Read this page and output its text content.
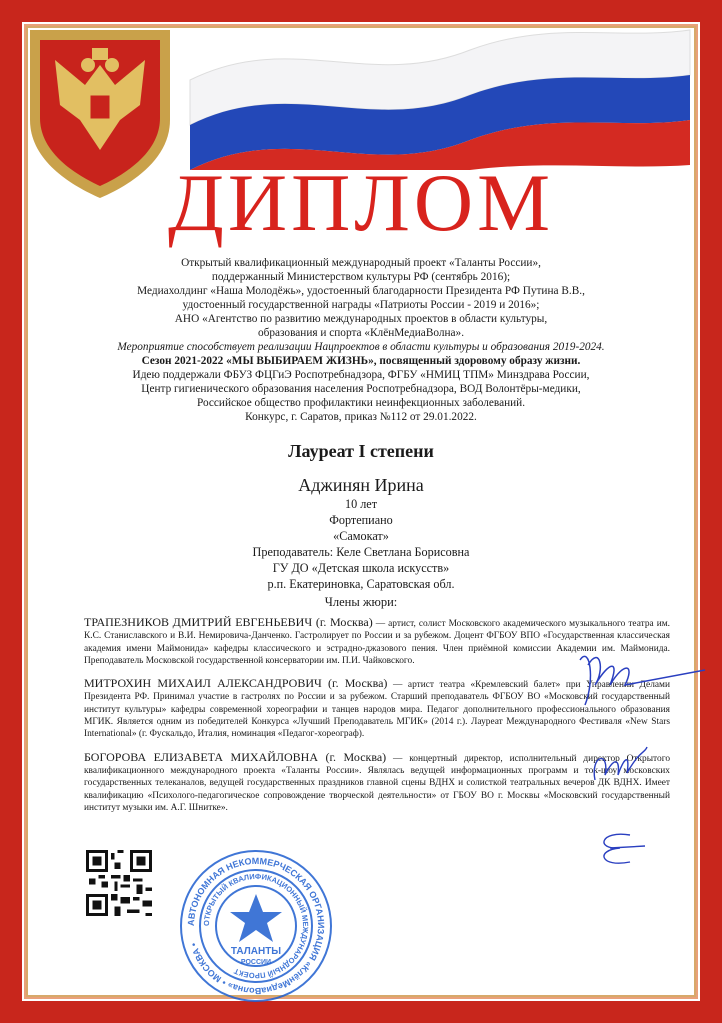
ДИПЛОМ
Открытый квалификационный международный проект «Таланты России»,
поддержанный Министерством культуры РФ (сентябрь 2016);
Медиахолдинг «Наша Молодёжь», удостоенный благодарности Президента РФ Путина В.В.,
удостоенный государственной награды «Патриоты России - 2019 и 2016»;
АНО «Агентство по развитию международных проектов в области культуры,
образования и спорта «КлёнМедиаВолна».
Мероприятие способствует реализации Нацпроектов в области культуры и образования 2019-2024.
Сезон 2021-2022 «МЫ ВЫБИРАЕМ ЖИЗНЬ», посвященный здоровому образу жизни.
Идею поддержали ФБУЗ ФЦГиЭ Роспотребнадзора, ФГБУ «НМИЦ ТПМ» Минздрава России,
Центр гигиенического образования населения Роспотребнадзора, ВОД Волонтёры-медики,
Российское общество профилактики неинфекционных заболеваний.
Конкурс, г. Саратов, приказ №112 от 29.01.2022.
Лауреат I степени
Аджинян Ирина
10 лет
Фортепиано
«Самокат»
Преподаватель: Келе Светлана Борисовна
ГУ ДО «Детская школа искусств»
р.п. Екатериновка, Саратовская обл.
Члены жюри:
ТРАПЕЗНИКОВ ДМИТРИЙ ЕВГЕНЬЕВИЧ (г. Москва) — артист, солист Московского академического музыкального театра им. К.С. Станиславского и В.И. Немировича-Данченко. Гастролирует по России и за рубежом. Доцент ФГБОУ ВПО «Государственная классическая академия имени Маймонида» кафедры классического и эстрадно-джазового пения. Член приёмной комиссии Академии им. Маймонида. Преподаватель Московской государственной консерватории им. П.И. Чайковского.
МИТРОХИН МИХАИЛ АЛЕКСАНДРОВИЧ (г. Москва) — артист театра «Кремлевский балет» при Управлении Делами Президента РФ. Принимал участие в гастролях по России и за рубежом. Старший преподаватель ФГБОУ ВО «Московский государственный институт культуры» кафедры современной хореографии и танцев народов мира. Педагог дополнительного профессионального образования МГИК. Является одним из победителей Конкурса «Лучший Преподаватель МГИК» (2014 г.). Лауреат Международного Фестиваля «New Stars International» (г. Фускальдо, Италия, номинация «Педагог-хореограф).
БОГОРОВА ЕЛИЗАВЕТА МИХАЙЛОВНА (г. Москва) — концертный директор, исполнительный директор Открытого квалификационного международного проекта «Таланты России». Являлась ведущей информационных программ и ток-шоу московских государственных телеканалов, ведущей государственных праздников главной сцены ВДНХ и солисткой театральных вечеров ДК ВДНХ. Имеет квалификацию «Психолого-педагогическое сопровождение творческой деятельности» от ГБОУ ВО г. Москвы «Московский государственный институт музыки им. А.Г. Шнитке».
АВТОНОМНАЯ НЕКОММЕРЧЕСКАЯ ОРГАНИЗАЦИЯ «КлёнМедиаВолна» • МОСКВА •
ОТКРЫТЫЙ КВАЛИФИКАЦИОННЫЙ МЕЖДУНАРОДНЫЙ ПРОЕКТ
ТАЛАНТЫ
РОССИИ
